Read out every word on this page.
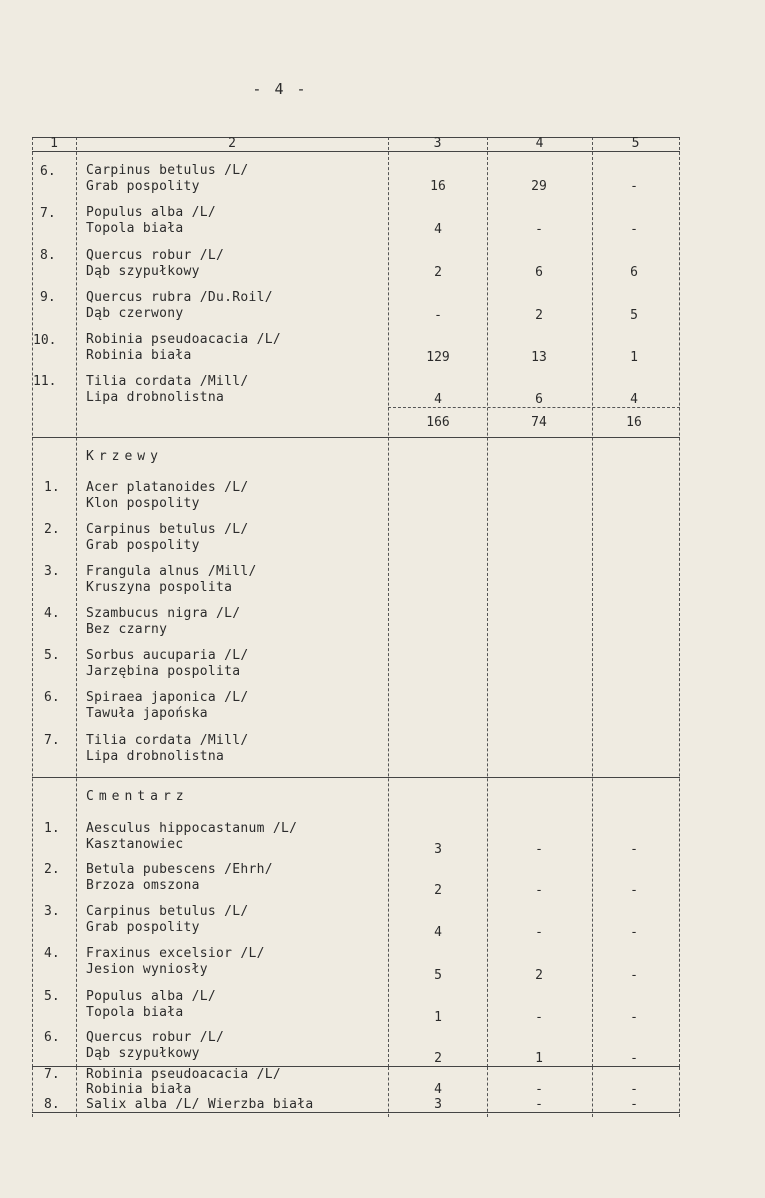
- 4 -
1	2	3	4	5
6. Carpinus betulus /L/
Grab pospolity	16	29	-
7. Populus alba /L/
Topola biała	4	-	-
8. Quercus robur /L/
Dąb szypułkowy	2	6	6
9. Quercus rubra /Du.Roil/
Dąb czerwony	-	2	5
10. Robinia pseudoacacia /L/
Robinia biała	129	13	1
11. Tilia cordata /Mill/
Lipa drobnolistna	4	6	4
166	74	16
Krzewy
1. Acer platanoides /L/
Klon pospolity
2. Carpinus betulus /L/
Grab pospolity
3. Frangula alnus /Mill/
Kruszyna pospolita
4. Szambucus nigra /L/
Bez czarny
5. Sorbus aucuparia /L/
Jarzębina pospolita
6. Spiraea japonica /L/
Tawuła japońska
7. Tilia cordata /Mill/
Lipa drobnolistna
Cmentarz
1. Aesculus hippocastanum /L/
Kasztanowiec	3	-	-
2. Betula pubescens /Ehrh/
Brzoza omszona	2	-	-
3. Carpinus betulus /L/
Grab pospolity	4	-	-
4. Fraxinus excelsior /L/
Jesion wyniosły	5	2	-
5. Populus alba /L/
Topola biała	1	-	-
6. Quercus robur /L/
Dąb szypułkowy	2	1	-
7. Robinia pseudoacacia /L/
Robinia biała	4	-	-
8. Salix alba /L/ Wierzba biała	3	-	-
